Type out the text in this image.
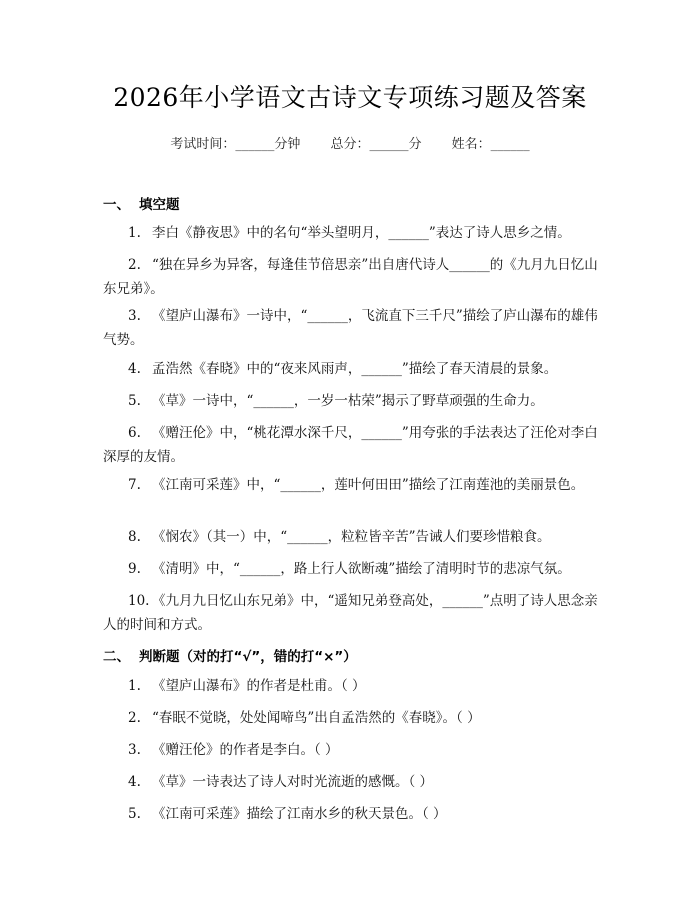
2026年小学语文古诗文专项练习题及答案
考试时间：______分钟 总分：______分 姓名：______
一、 填空题
1. 李白《静夜思》中的名句“举头望明月，______”表达了诗人思乡之情。
2. “独在异乡为异客，每逢佳节倍思亲”出自唐代诗人______的《九月九日忆山东兄弟》。
3. 《望庐山瀑布》一诗中，“______，飞流直下三千尺”描绘了庐山瀑布的雄伟气势。
4. 孟浩然《春晓》中的“夜来风雨声，______”描绘了春天清晨的景象。
5. 《草》一诗中，“______，一岁一枯荣”揭示了野草顽强的生命力。
6. 《赠汪伦》中，“桃花潭水深千尺，______”用夸张的手法表达了汪伦对李白深厚的友情。
7. 《江南可采莲》中，“______，莲叶何田田”描绘了江南莲池的美丽景色。
8. 《悯农》（其一）中，“______，粒粒皆辛苦”告诫人们要珍惜粮食。
9. 《清明》中，“______，路上行人欲断魂”描绘了清明时节的悲凉气氛。
10. 《九月九日忆山东兄弟》中，“遥知兄弟登高处，______”点明了诗人思念亲人的时间和方式。
二、 判断题（对的打“√”，错的打“×”）
1. 《望庐山瀑布》的作者是杜甫。（ ）
2. “春眠不觉晓，处处闻啼鸟”出自孟浩然的《春晓》。（ ）
3. 《赠汪伦》的作者是李白。（ ）
4. 《草》一诗表达了诗人对时光流逝的感慨。（ ）
5. 《江南可采莲》描绘了江南水乡的秋天景色。（ ）
